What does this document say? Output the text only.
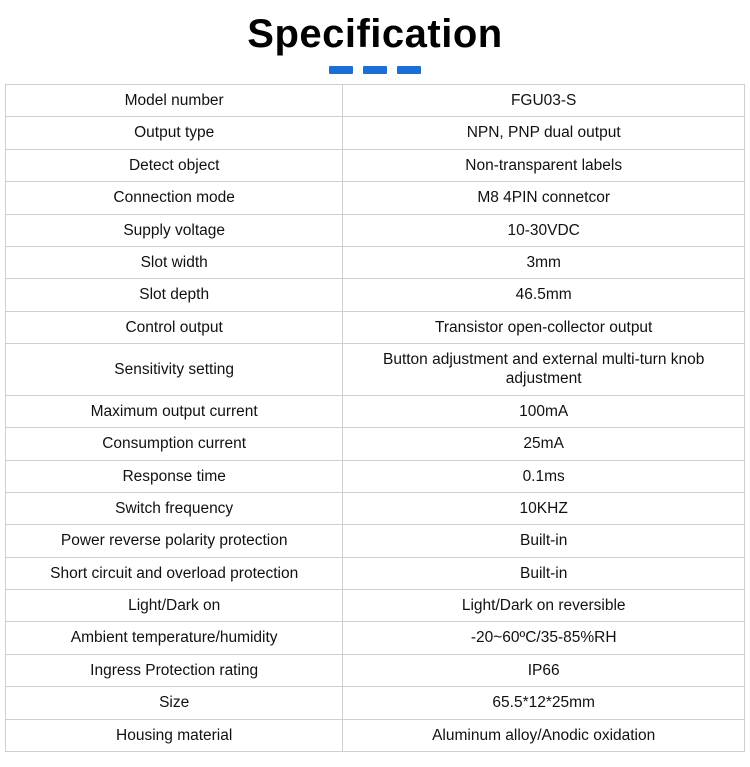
Specification
Model number	FGU03-S
Output type	NPN, PNP dual output
Detect object	Non-transparent labels
Connection mode	M8 4PIN connetcor
Supply voltage	10-30VDC
Slot width	3mm
Slot depth	46.5mm
Control output	Transistor open-collector output
Sensitivity setting	Button adjustment and external multi-turn knob adjustment
Maximum output current	100mA
Consumption current	25mA
Response time	0.1ms
Switch frequency	10KHZ
Power reverse polarity protection	Built-in
Short circuit and overload protection	Built-in
Light/Dark on	Light/Dark on reversible
Ambient temperature/humidity	-20~60ºC/35-85%RH
Ingress Protection rating	IP66
Size	65.5*12*25mm
Housing material	Aluminum alloy/Anodic oxidation
